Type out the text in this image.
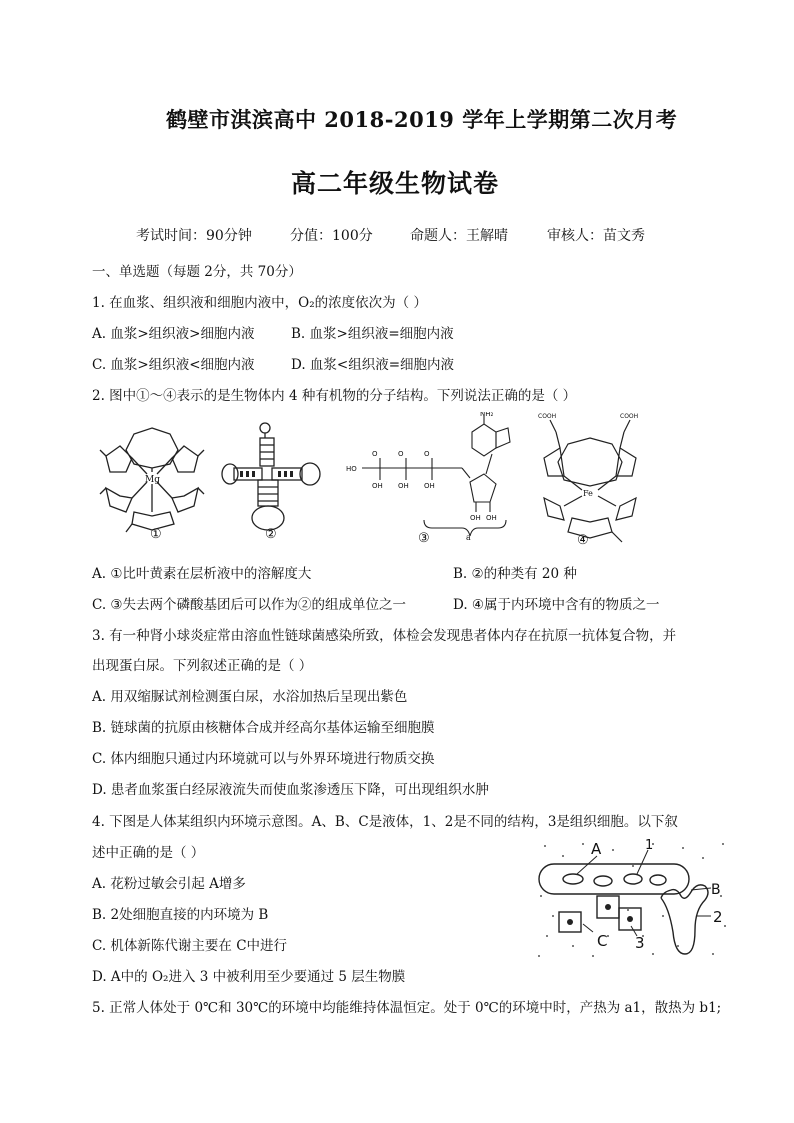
鹤壁市淇滨高中 2018-2019 学年上学期第二次月考
高二年级生物试卷
考试时间：90分钟	分值：100分	命题人：王解晴	审核人：苗文秀
一、单选题（每题 2分，共 70分）
1. 在血浆、组织液和细胞内液中，O₂的浓度依次为（ ）
A. 血浆>组织液>细胞内液	B. 血浆>组织液=细胞内液
C. 血浆>组织液<细胞内液	D. 血浆<组织液=细胞内液
2. 图中①～④表示的是生物体内 4 种有机物的分子结构。下列说法正确的是（ ）
Mg
①	②
HO
O	O	O
OH OH OH
OH OH
NH₂
a
③
COOH	COOH
Fe
④
A. ①比叶黄素在层析液中的溶解度大	B. ②的种类有 20 种
C. ③失去两个磷酸基团后可以作为②的组成单位之一	D. ④属于内环境中含有的物质之一
3. 有一种肾小球炎症常由溶血性链球菌感染所致，体检会发现患者体内存在抗原一抗体复合物，并
出现蛋白尿。下列叙述正确的是（ ）
A. 用双缩脲试剂检测蛋白尿，水浴加热后呈现出紫色
B. 链球菌的抗原由核糖体合成并经高尔基体运输至细胞膜
C. 体内细胞只通过内环境就可以与外界环境进行物质交换
D. 患者血浆蛋白经尿液流失而使血浆渗透压下降，可出现组织水肿
4. 下图是人体某组织内环境示意图。A、B、C是液体，1、2是不同的结构，3是组织细胞。以下叙
述中正确的是（ ）
A. 花粉过敏会引起 A增多
B. 2处细胞直接的内环境为 B
C. 机体新陈代谢主要在 C中进行
D. A中的 O₂进入 3 中被利用至少要通过 5 层生物膜
A	1
B
2
C 3
5. 正常人体处于 0℃和 30℃的环境中均能维持体温恒定。处于 0℃的环境中时，产热为 a1，散热为 b1;
